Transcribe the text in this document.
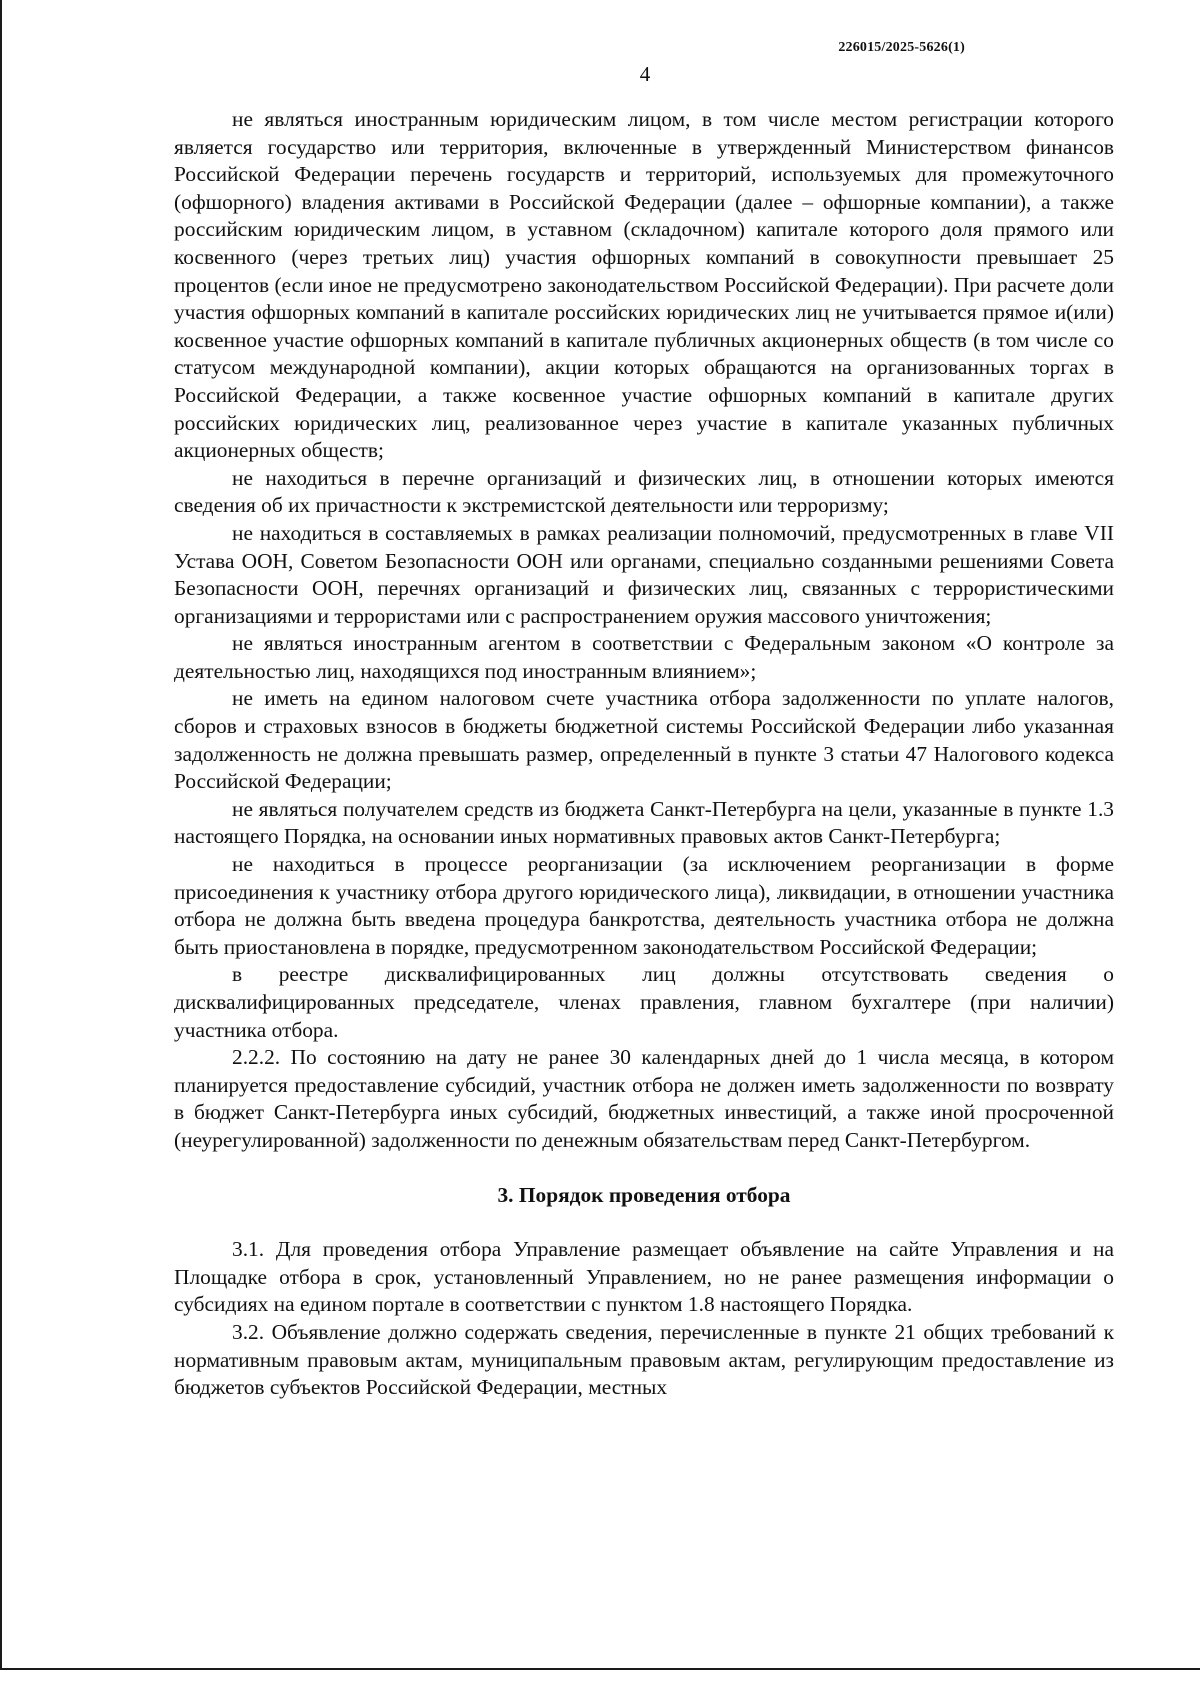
226015/2025-5626(1)
4

не являться иностранным юридическим лицом, в том числе местом регистрации которого является государство или территория, включенные в утвержденный Министерством финансов Российской Федерации перечень государств и территорий, используемых для промежуточного (офшорного) владения активами в Российской Федерации (далее – офшорные компании), а также российским юридическим лицом, в уставном (складочном) капитале которого доля прямого или косвенного (через третьих лиц) участия офшорных компаний в совокупности превышает 25 процентов (если иное не предусмотрено законодательством Российской Федерации). При расчете доли участия офшорных компаний в капитале российских юридических лиц не учитывается прямое и(или) косвенное участие офшорных компаний в капитале публичных акционерных обществ (в том числе со статусом международной компании), акции которых обращаются на организованных торгах в Российской Федерации, а также косвенное участие офшорных компаний в капитале других российских юридических лиц, реализованное через участие в капитале указанных публичных акционерных обществ;

не находиться в перечне организаций и физических лиц, в отношении которых имеются сведения об их причастности к экстремистской деятельности или терроризму;

не находиться в составляемых в рамках реализации полномочий, предусмотренных в главе VII Устава ООН, Советом Безопасности ООН или органами, специально созданными решениями Совета Безопасности ООН, перечнях организаций и физических лиц, связанных с террористическими организациями и террористами или с распространением оружия массового уничтожения;

не являться иностранным агентом в соответствии с Федеральным законом «О контроле за деятельностью лиц, находящихся под иностранным влиянием»;

не иметь на едином налоговом счете участника отбора задолженности по уплате налогов, сборов и страховых взносов в бюджеты бюджетной системы Российской Федерации либо указанная задолженность не должна превышать размер, определенный в пункте 3 статьи 47 Налогового кодекса Российской Федерации;

не являться получателем средств из бюджета Санкт-Петербурга на цели, указанные в пункте 1.3 настоящего Порядка, на основании иных нормативных правовых актов Санкт-Петербурга;

не находиться в процессе реорганизации (за исключением реорганизации в форме присоединения к участнику отбора другого юридического лица), ликвидации, в отношении участника отбора не должна быть введена процедура банкротства, деятельность участника отбора не должна быть приостановлена в порядке, предусмотренном законодательством Российской Федерации;

в реестре дисквалифицированных лиц должны отсутствовать сведения о дисквалифицированных председателе, членах правления, главном бухгалтере (при наличии) участника отбора.

2.2.2. По состоянию на дату не ранее 30 календарных дней до 1 числа месяца, в котором планируется предоставление субсидий, участник отбора не должен иметь задолженности по возврату в бюджет Санкт-Петербурга иных субсидий, бюджетных инвестиций, а также иной просроченной (неурегулированной) задолженности по денежным обязательствам перед Санкт-Петербургом.

3. Порядок проведения отбора

3.1. Для проведения отбора Управление размещает объявление на сайте Управления и на Площадке отбора в срок, установленный Управлением, но не ранее размещения информации о субсидиях на едином портале в соответствии с пунктом 1.8 настоящего Порядка.

3.2. Объявление должно содержать сведения, перечисленные в пункте 21 общих требований к нормативным правовым актам, муниципальным правовым актам, регулирующим предоставление из бюджетов субъектов Российской Федерации, местных
